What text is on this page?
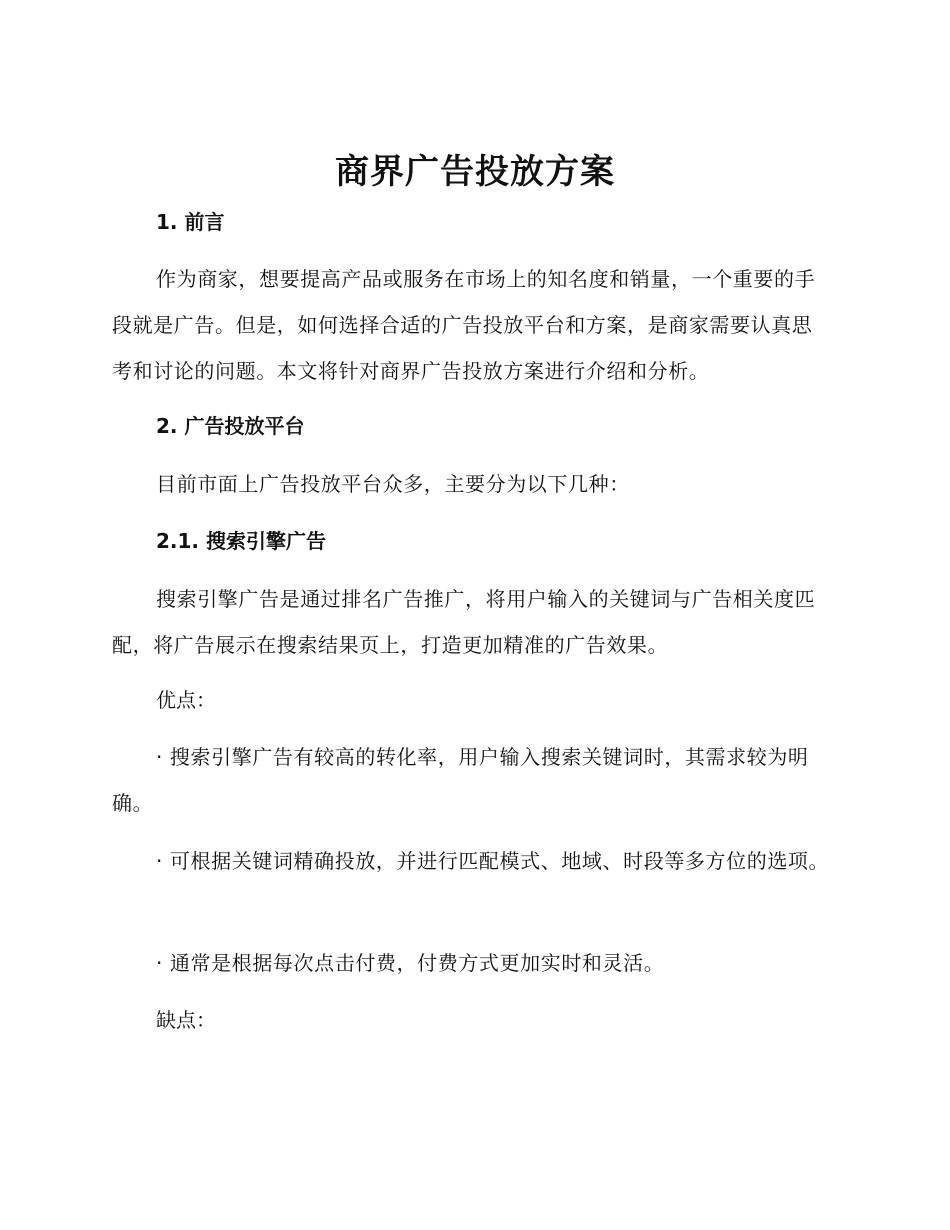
商界广告投放方案
1. 前言

作为商家，想要提高产品或服务在市场上的知名度和销量，一个重要的手段就是广告。但是，如何选择合适的广告投放平台和方案，是商家需要认真思考和讨论的问题。本文将针对商界广告投放方案进行介绍和分析。

2. 广告投放平台

目前市面上广告投放平台众多，主要分为以下几种：

2.1. 搜索引擎广告

搜索引擎广告是通过排名广告推广，将用户输入的关键词与广告相关度匹配，将广告展示在搜索结果页上，打造更加精准的广告效果。

优点：

· 搜索引擎广告有较高的转化率，用户输入搜索关键词时，其需求较为明确。

· 可根据关键词精确投放，并进行匹配模式、地域、时段等多方位的选项。

· 通常是根据每次点击付费，付费方式更加实时和灵活。

缺点：
